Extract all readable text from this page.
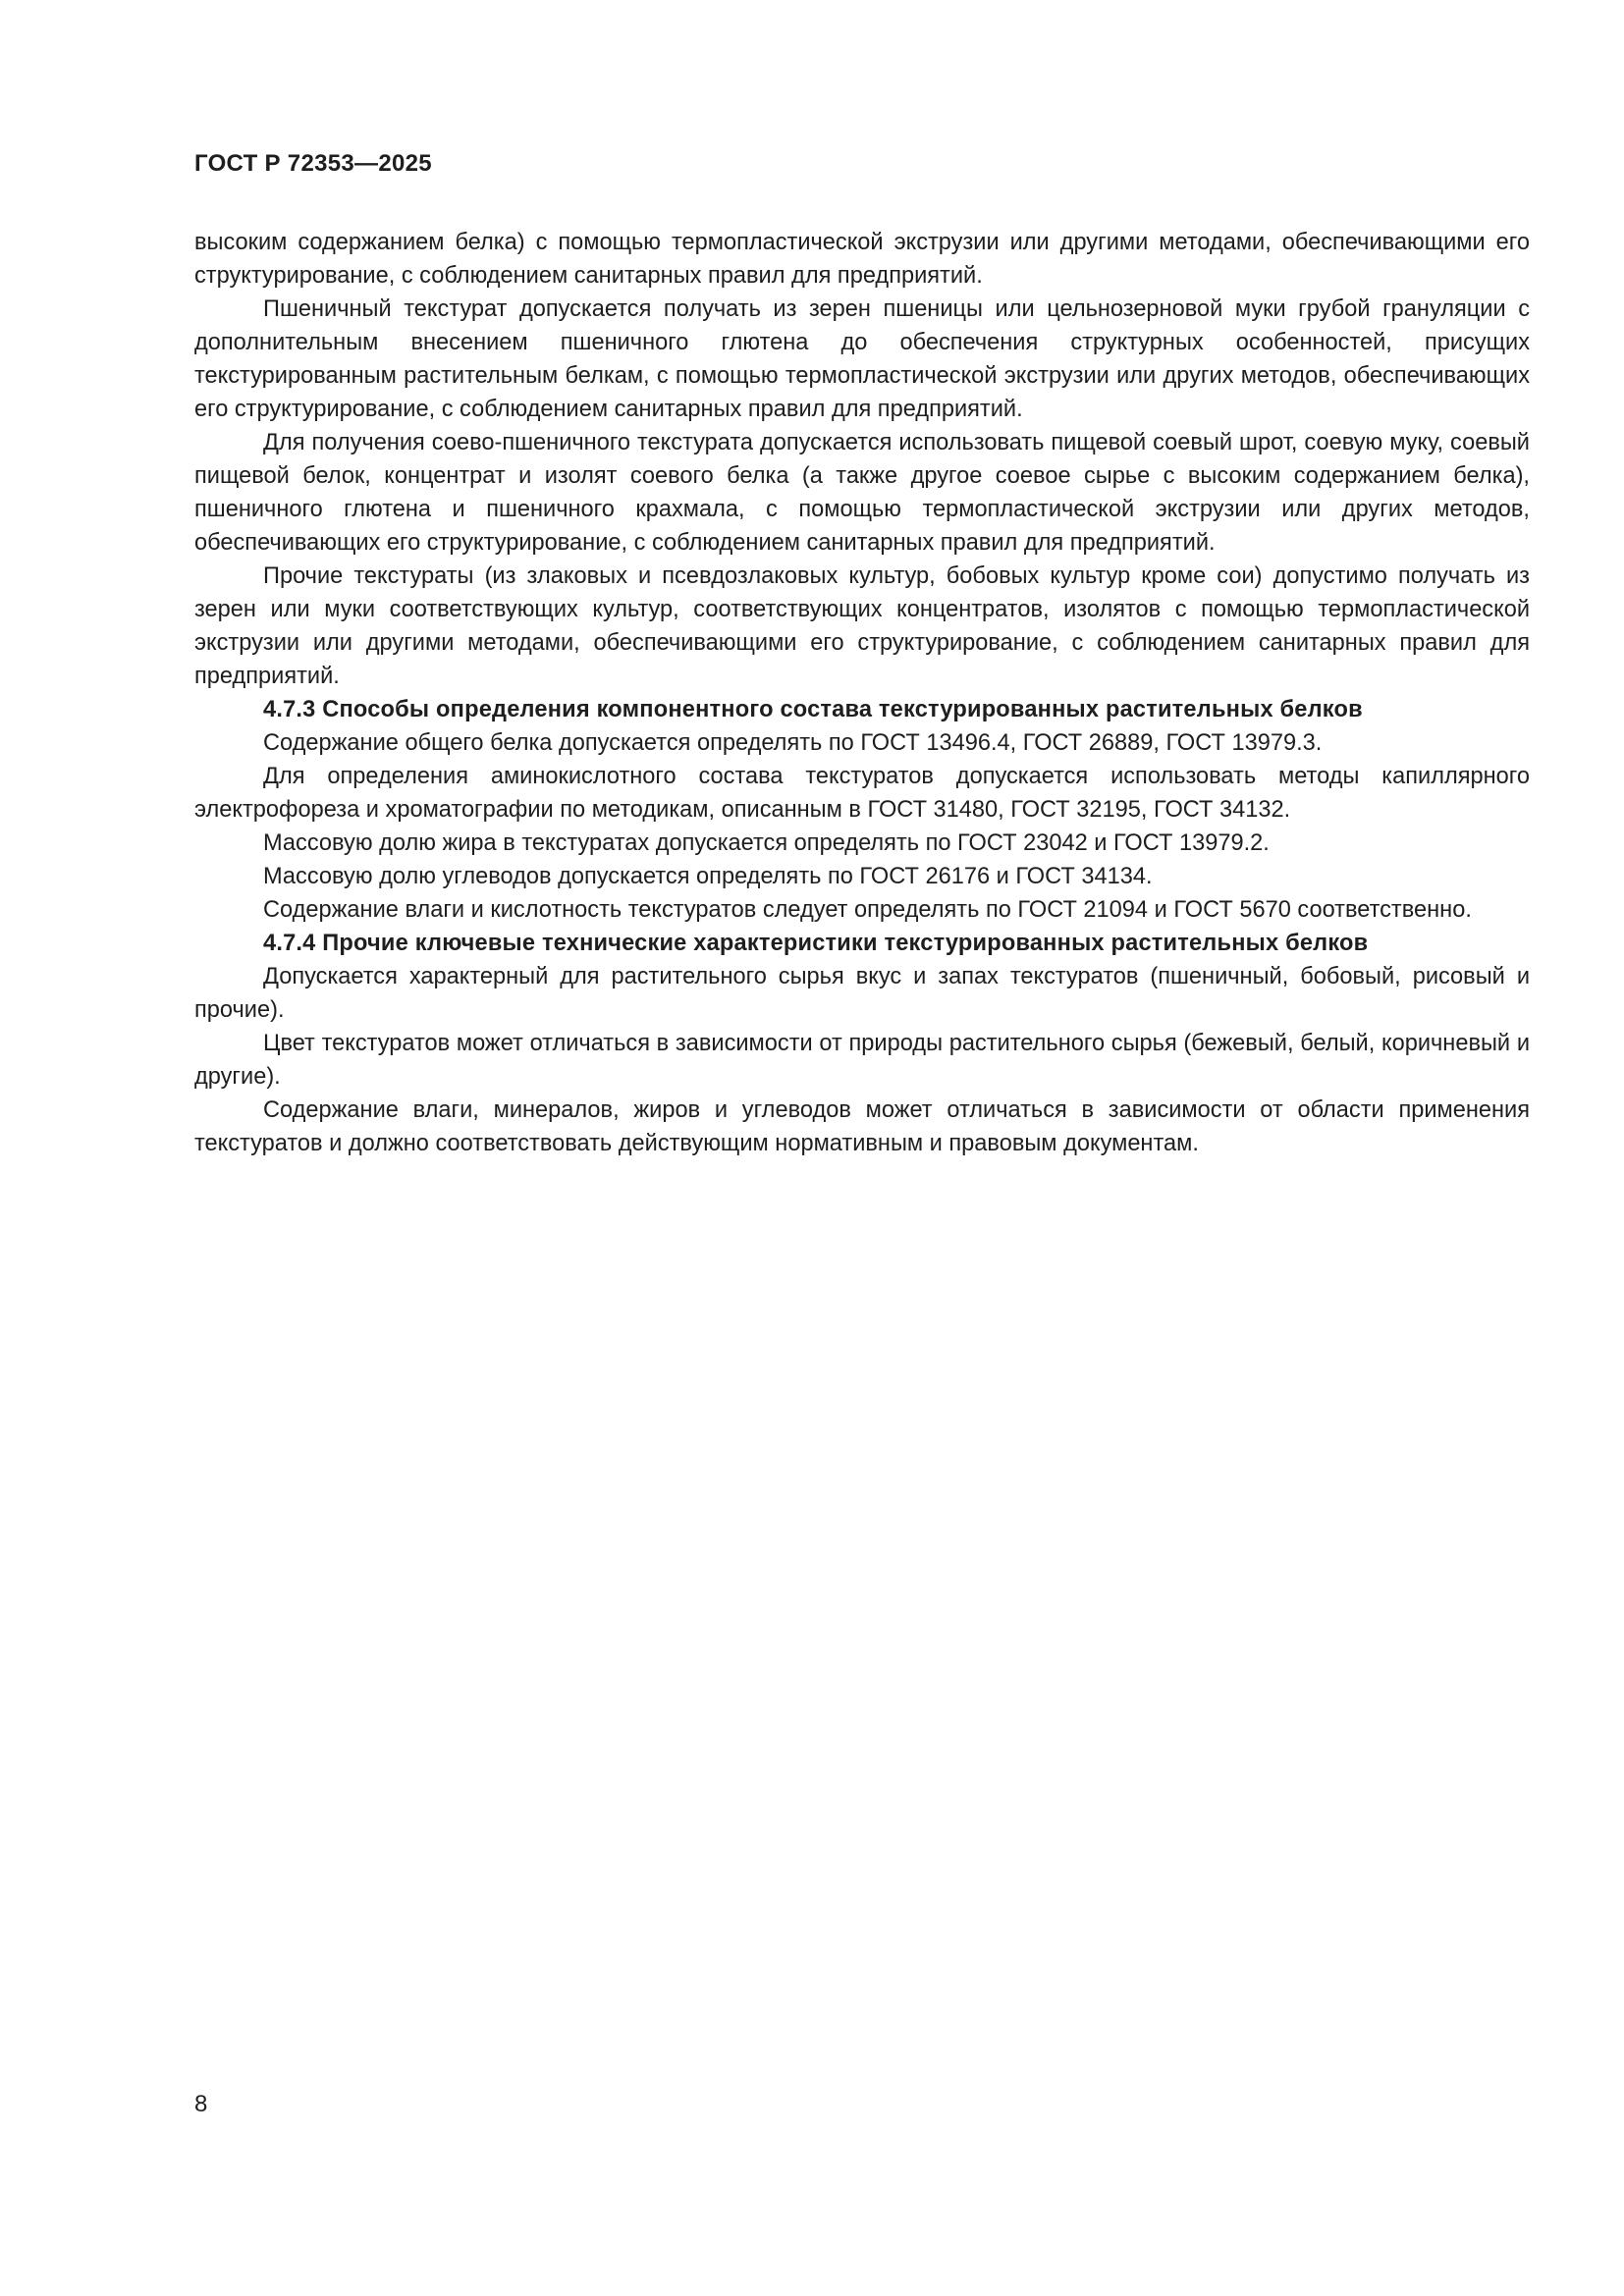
ГОСТ Р 72353—2025

высоким содержанием белка) с помощью термопластической экструзии или другими методами, обеспечивающими его структурирование, с соблюдением санитарных правил для предприятий.

Пшеничный текстурат допускается получать из зерен пшеницы или цельнозерновой муки грубой грануляции с дополнительным внесением пшеничного глютена до обеспечения структурных особенностей, присущих текстурированным растительным белкам, с помощью термопластической экструзии или других методов, обеспечивающих его структурирование, с соблюдением санитарных правил для предприятий.

Для получения соево-пшеничного текстурата допускается использовать пищевой соевый шрот, соевую муку, соевый пищевой белок, концентрат и изолят соевого белка (а также другое соевое сырье с высоким содержанием белка), пшеничного глютена и пшеничного крахмала, с помощью термопластической экструзии или других методов, обеспечивающих его структурирование, с соблюдением санитарных правил для предприятий.

Прочие текстураты (из злаковых и псевдозлаковых культур, бобовых культур кроме сои) допустимо получать из зерен или муки соответствующих культур, соответствующих концентратов, изолятов с помощью термопластической экструзии или другими методами, обеспечивающими его структурирование, с соблюдением санитарных правил для предприятий.

4.7.3 Способы определения компонентного состава текстурированных растительных белков

Содержание общего белка допускается определять по ГОСТ 13496.4, ГОСТ 26889, ГОСТ 13979.3.

Для определения аминокислотного состава текстуратов допускается использовать методы капиллярного электрофореза и хроматографии по методикам, описанным в ГОСТ 31480, ГОСТ 32195, ГОСТ 34132.

Массовую долю жира в текстуратах допускается определять по ГОСТ 23042 и ГОСТ 13979.2.

Массовую долю углеводов допускается определять по ГОСТ 26176 и ГОСТ 34134.

Содержание влаги и кислотность текстуратов следует определять по ГОСТ 21094 и ГОСТ 5670 соответственно.

4.7.4 Прочие ключевые технические характеристики текстурированных растительных белков

Допускается характерный для растительного сырья вкус и запах текстуратов (пшеничный, бобовый, рисовый и прочие).

Цвет текстуратов может отличаться в зависимости от природы растительного сырья (бежевый, белый, коричневый и другие).

Содержание влаги, минералов, жиров и углеводов может отличаться в зависимости от области применения текстуратов и должно соответствовать действующим нормативным и правовым документам.

8
